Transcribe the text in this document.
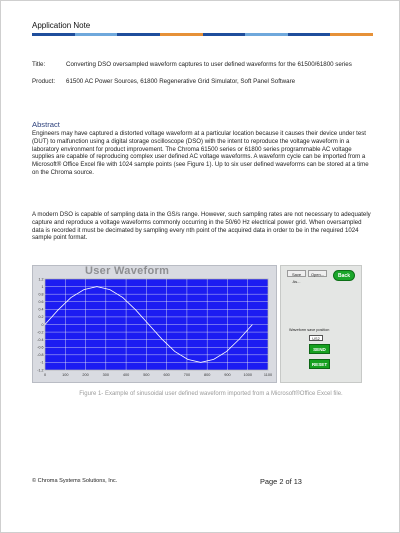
Application Note
Title:	Converting DSO oversampled waveform captures to user defined waveforms for the 61500/61800 series
Product:	61500 AC Power Sources, 61800 Regenerative Grid Simulator, Soft Panel Software
Abstract

Engineers may have captured a distorted voltage waveform at a particular location because it causes their device under test (DUT) to malfunction using a digital storage oscilloscope (DSO) with the intent to reproduce the voltage waveform in a laboratory environment for product improvement. The Chroma 61500 series or 61800 series programmable AC voltage supplies are capable of reproducing complex user defined AC voltage waveforms. A waveform cycle can be imported from a Microsoft® Office Excel file with 1024 sample points (see Figure 1). Up to six user defined waveforms can be stored at a time on the Chroma source.

A modern DSO is capable of sampling data in the GS/s range. However, such sampling rates are not necessary to adequately capture and reproduce a voltage waveforms commonly occurring in the 50/60 Hz electrical power grid. When oversampled data is recorded it must be decimated by sampling every nth point of the acquired data in order to be in the required 1024 sample point format.

User Waveform
0	100	200	300	400	500	600	700	800	900	1000	1100
1.2
1
0.8
0.6
0.4
0.2
0
-0.2
-0.4
-0.6
-0.8
-1
-1.2
Save As...
Open...	Back
Waveform save position
US2
SEND
RESET
Figure 1- Example of sinusoidal user defined waveform imported from a Microsoft®Office Excel file.
© Chroma Systems Solutions, Inc.	Page 2 of 13
